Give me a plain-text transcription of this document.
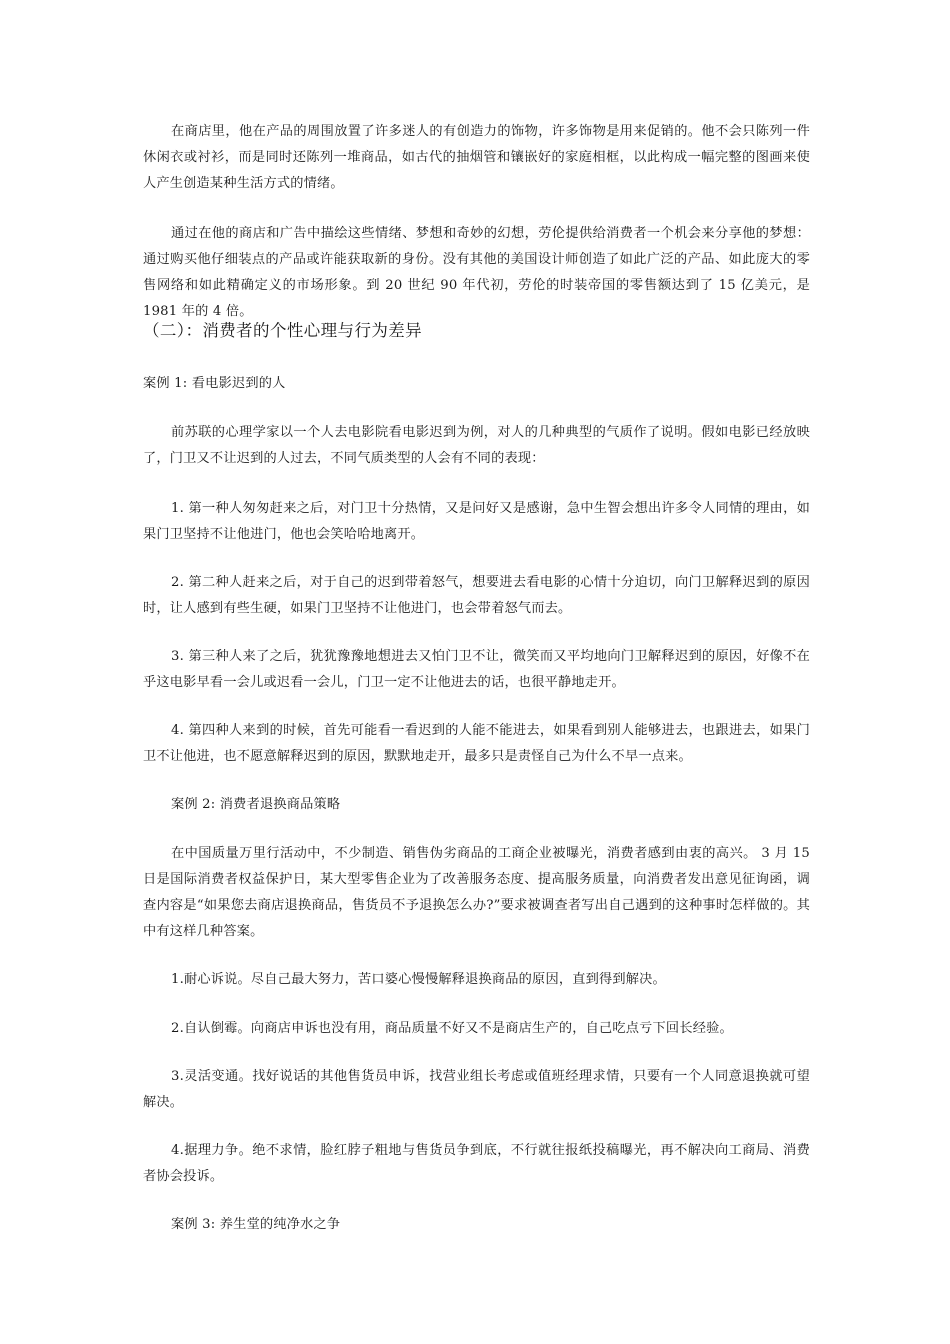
在商店里，他在产品的周围放置了许多迷人的有创造力的饰物，许多饰物是用来促销的。他不会只陈列一件休闲衣或衬衫，而是同时还陈列一堆商品，如古代的抽烟管和镶嵌好的家庭相框，以此构成一幅完整的图画来使人产生创造某种生活方式的情绪。

通过在他的商店和广告中描绘这些情绪、梦想和奇妙的幻想，劳伦提供给消费者一个机会来分享他的梦想：通过购买他仔细装点的产品或许能获取新的身份。没有其他的美国设计师创造了如此广泛的产品、如此庞大的零售网络和如此精确定义的市场形象。到 20 世纪 90 年代初，劳伦的时装帝国的零售额达到了 15 亿美元，是 1981 年的 4 倍。

（二）：消费者的个性心理与行为差异

案例 1: 看电影迟到的人

前苏联的心理学家以一个人去电影院看电影迟到为例，对人的几种典型的气质作了说明。假如电影已经放映了，门卫又不让迟到的人过去，不同气质类型的人会有不同的表现：

1. 第一种人匆匆赶来之后，对门卫十分热情，又是问好又是感谢，急中生智会想出许多令人同情的理由，如果门卫坚持不让他进门，他也会笑哈哈地离开。

2. 第二种人赶来之后，对于自己的迟到带着怒气，想要进去看电影的心情十分迫切，向门卫解释迟到的原因时，让人感到有些生硬，如果门卫坚持不让他进门，也会带着怒气而去。

3. 第三种人来了之后，犹犹豫豫地想进去又怕门卫不让，微笑而又平均地向门卫解释迟到的原因，好像不在乎这电影早看一会儿或迟看一会儿，门卫一定不让他进去的话，也很平静地走开。

4. 第四种人来到的时候，首先可能看一看迟到的人能不能进去，如果看到别人能够进去，也跟进去，如果门卫不让他进，也不愿意解释迟到的原因，默默地走开，最多只是责怪自己为什么不早一点来。

案例 2: 消费者退换商品策略

在中国质量万里行活动中，不少制造、销售伪劣商品的工商企业被曝光，消费者感到由衷的高兴。 3 月 15 日是国际消费者权益保护日，某大型零售企业为了改善服务态度、提高服务质量，向消费者发出意见征询函，调查内容是“如果您去商店退换商品，售货员不予退换怎么办?”要求被调查者写出自己遇到的这种事时怎样做的。其中有这样几种答案。

1.耐心诉说。尽自己最大努力，苦口婆心慢慢解释退换商品的原因，直到得到解决。

2.自认倒霉。向商店申诉也没有用，商品质量不好又不是商店生产的，自己吃点亏下回长经验。

3.灵活变通。找好说话的其他售货员申诉，找营业组长考虑或值班经理求情，只要有一个人同意退换就可望解决。

4.据理力争。绝不求情，脸红脖子粗地与售货员争到底，不行就往报纸投稿曝光，再不解决向工商局、消费者协会投诉。

案例 3: 养生堂的纯净水之争
